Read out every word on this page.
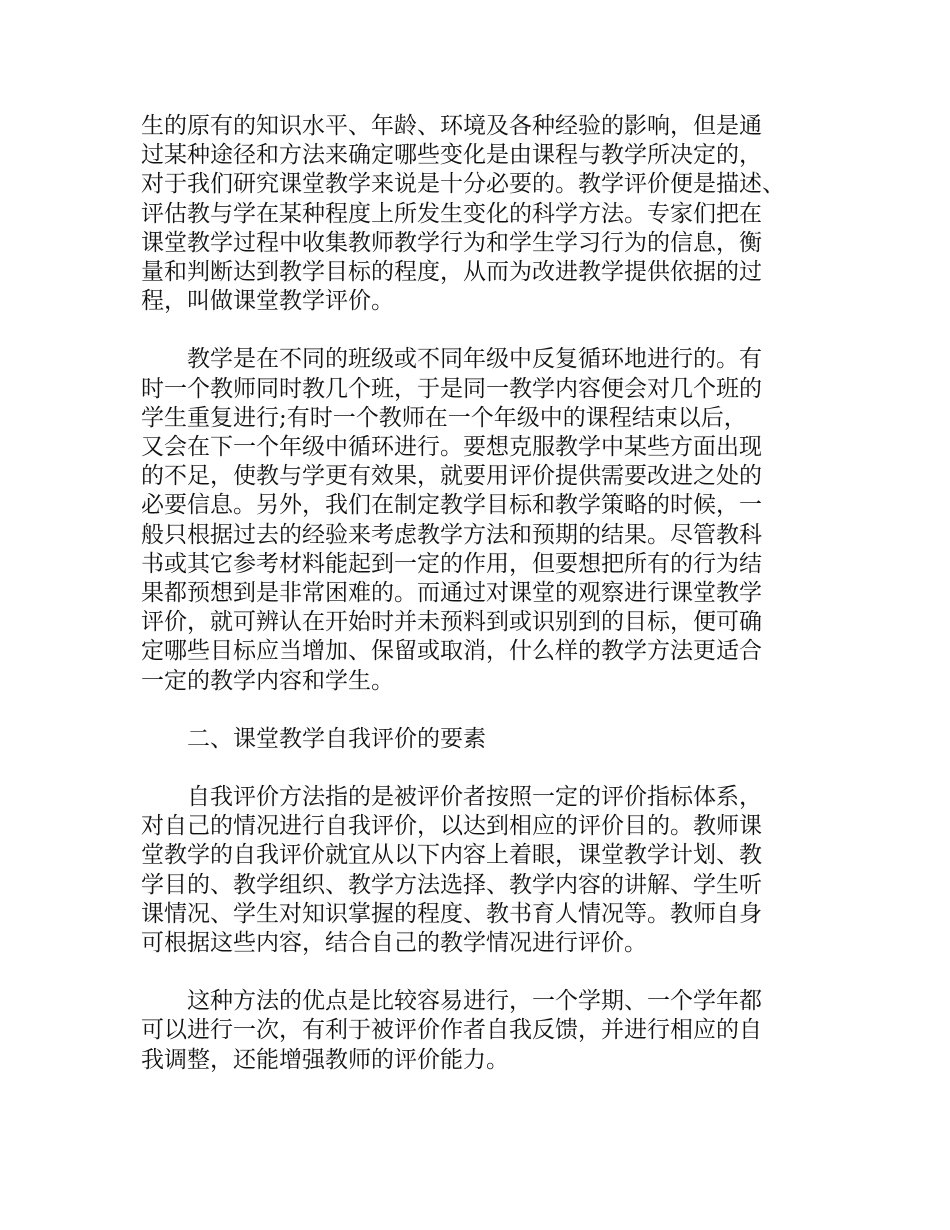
生的原有的知识水平、年龄、环境及各种经验的影响，但是通
过某种途径和方法来确定哪些变化是由课程与教学所决定的，
对于我们研究课堂教学来说是十分必要的。教学评价便是描述、
评估教与学在某种程度上所发生变化的科学方法。专家们把在
课堂教学过程中收集教师教学行为和学生学习行为的信息，衡
量和判断达到教学目标的程度，从而为改进教学提供依据的过
程，叫做课堂教学评价。

　　教学是在不同的班级或不同年级中反复循环地进行的。有
时一个教师同时教几个班，于是同一教学内容便会对几个班的
学生重复进行;有时一个教师在一个年级中的课程结束以后，
又会在下一个年级中循环进行。要想克服教学中某些方面出现
的不足，使教与学更有效果，就要用评价提供需要改进之处的
必要信息。另外，我们在制定教学目标和教学策略的时候，一
般只根据过去的经验来考虑教学方法和预期的结果。尽管教科
书或其它参考材料能起到一定的作用，但要想把所有的行为结
果都预想到是非常困难的。而通过对课堂的观察进行课堂教学
评价，就可辨认在开始时并未预料到或识别到的目标，便可确
定哪些目标应当增加、保留或取消，什么样的教学方法更适合
一定的教学内容和学生。

　　二、课堂教学自我评价的要素

　　自我评价方法指的是被评价者按照一定的评价指标体系，
对自己的情况进行自我评价，以达到相应的评价目的。教师课
堂教学的自我评价就宜从以下内容上着眼，课堂教学计划、教
学目的、教学组织、教学方法选择、教学内容的讲解、学生听
课情况、学生对知识掌握的程度、教书育人情况等。教师自身
可根据这些内容，结合自己的教学情况进行评价。

　　这种方法的优点是比较容易进行，一个学期、一个学年都
可以进行一次，有利于被评价作者自我反馈，并进行相应的自
我调整，还能增强教师的评价能力。
